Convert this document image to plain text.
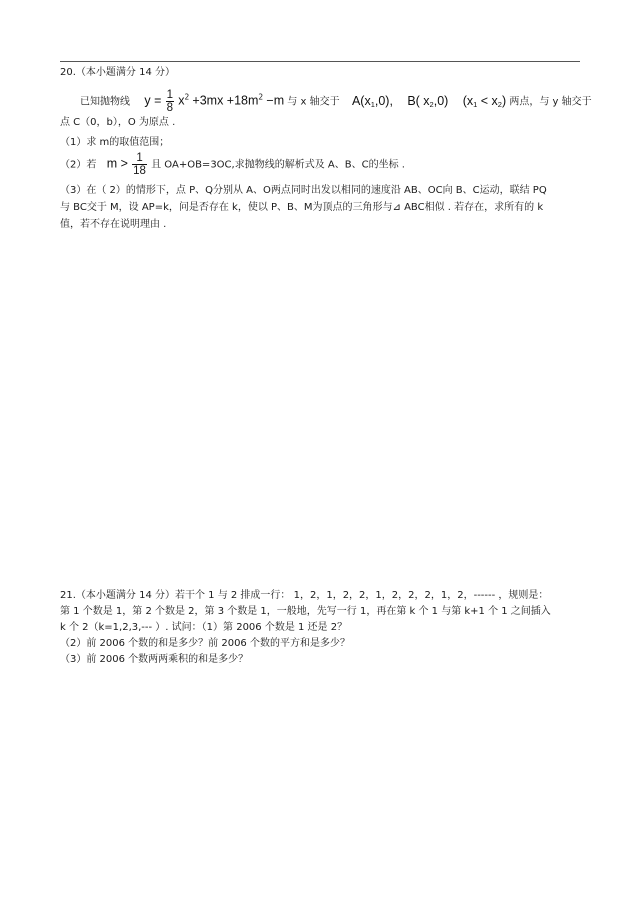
20.（本小题满分 14 分）
已知抛物线 $y = \frac{1}{8} x^2 +3mx +18m^2 -m$ 与 x 轴交于 $A(x_1,0)$, B( $x_2,0$) $(x_1 < x_2)$ 两点，与 y 轴交于
点 C（0，b），O 为原点 .
（1）求 m的取值范围；
（2）若 $m > \frac{1}{18}$ 且 OA+OB=3OC,求抛物线的解析式及 A、B、C的坐标 .
（3）在（ 2）的情形下，点 P、Q分别从 A、O两点同时出发以相同的速度沿 AB、OC向 B、C运动，联结 PQ
与 BC交于 M，设 AP=k，问是否存在 k，使以 P、B、M为顶点的三角形与⊿ ABC相似 . 若存在，求所有的 k
值，若不存在说明理由 .
21.（本小题满分 14 分）若干个 1 与 2 排成一行： 1，2，1，2，2，1，2，2，2，1，2，------ ，规则是：
第 1 个数是 1，第 2 个数是 2，第 3 个数是 1，一般地，先写一行 1，再在第 k 个 1 与第 k+1 个 1 之间插入
k 个 2（k=1,2,3,--- ）. 试问：（1）第 2006 个数是 1 还是 2？
（2）前 2006 个数的和是多少？前 2006 个数的平方和是多少？
（3）前 2006 个数两两乘积的和是多少？
